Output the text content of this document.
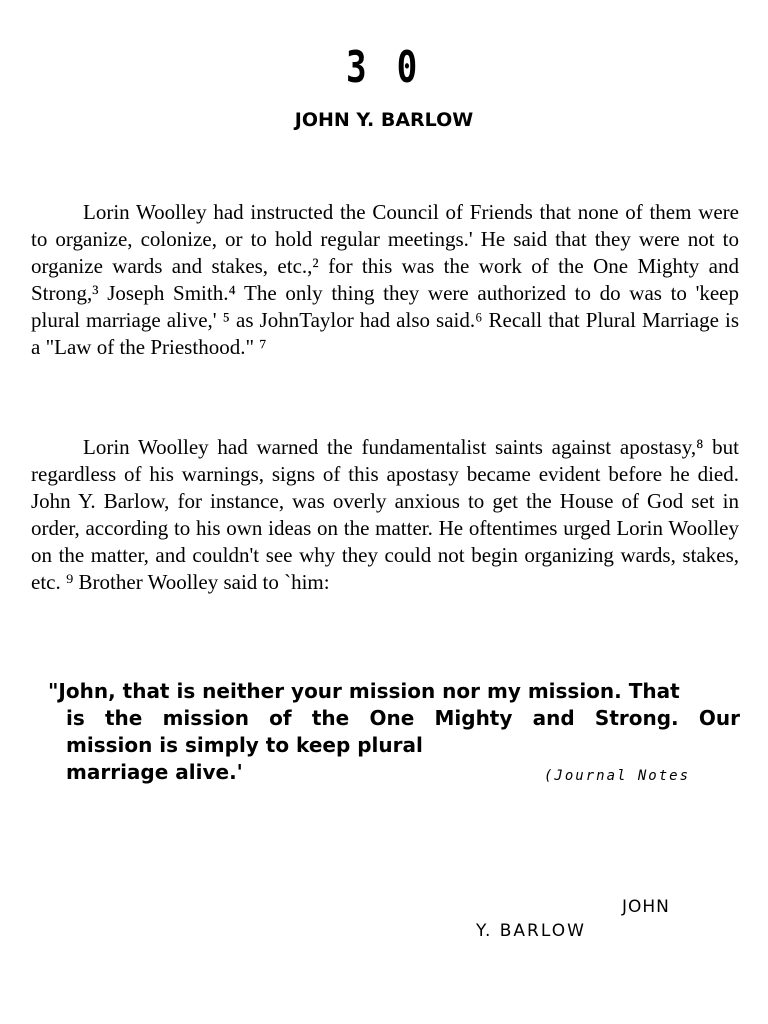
3 0
JOHN Y. BARLOW

Lorin Woolley had instructed the Council of Friends that none of them were to organize, colonize, or to hold regular meetings.' He said that they were not to organize wards and stakes, etc.,² for this was the work of the One Mighty and Strong,³ Joseph Smith.⁴ The only thing they were authorized to do was to 'keep plural marriage alive,' ⁵ as JohnTaylor had also said.⁶ Recall that Plural Marriage is a "Law of the Priesthood." ⁷

Lorin Woolley had warned the fundamentalist saints against apostasy,⁸ but regardless of his warnings, signs of this apostasy became evident before he died. John Y. Barlow, for instance, was overly anxious to get the House of God set in order, according to his own ideas on the matter. He oftentimes urged Lorin Woolley on the matter, and couldn't see why they could not begin organizing wards, stakes, etc. ⁹ Brother Woolley said to `him:

"John, that is neither your mission nor my mission. That
is the mission of the One Mighty and Strong. Our
mission is simply to keep plural
marriage alive.'	(Journal Notes
JOHN
Y. BARLOW
